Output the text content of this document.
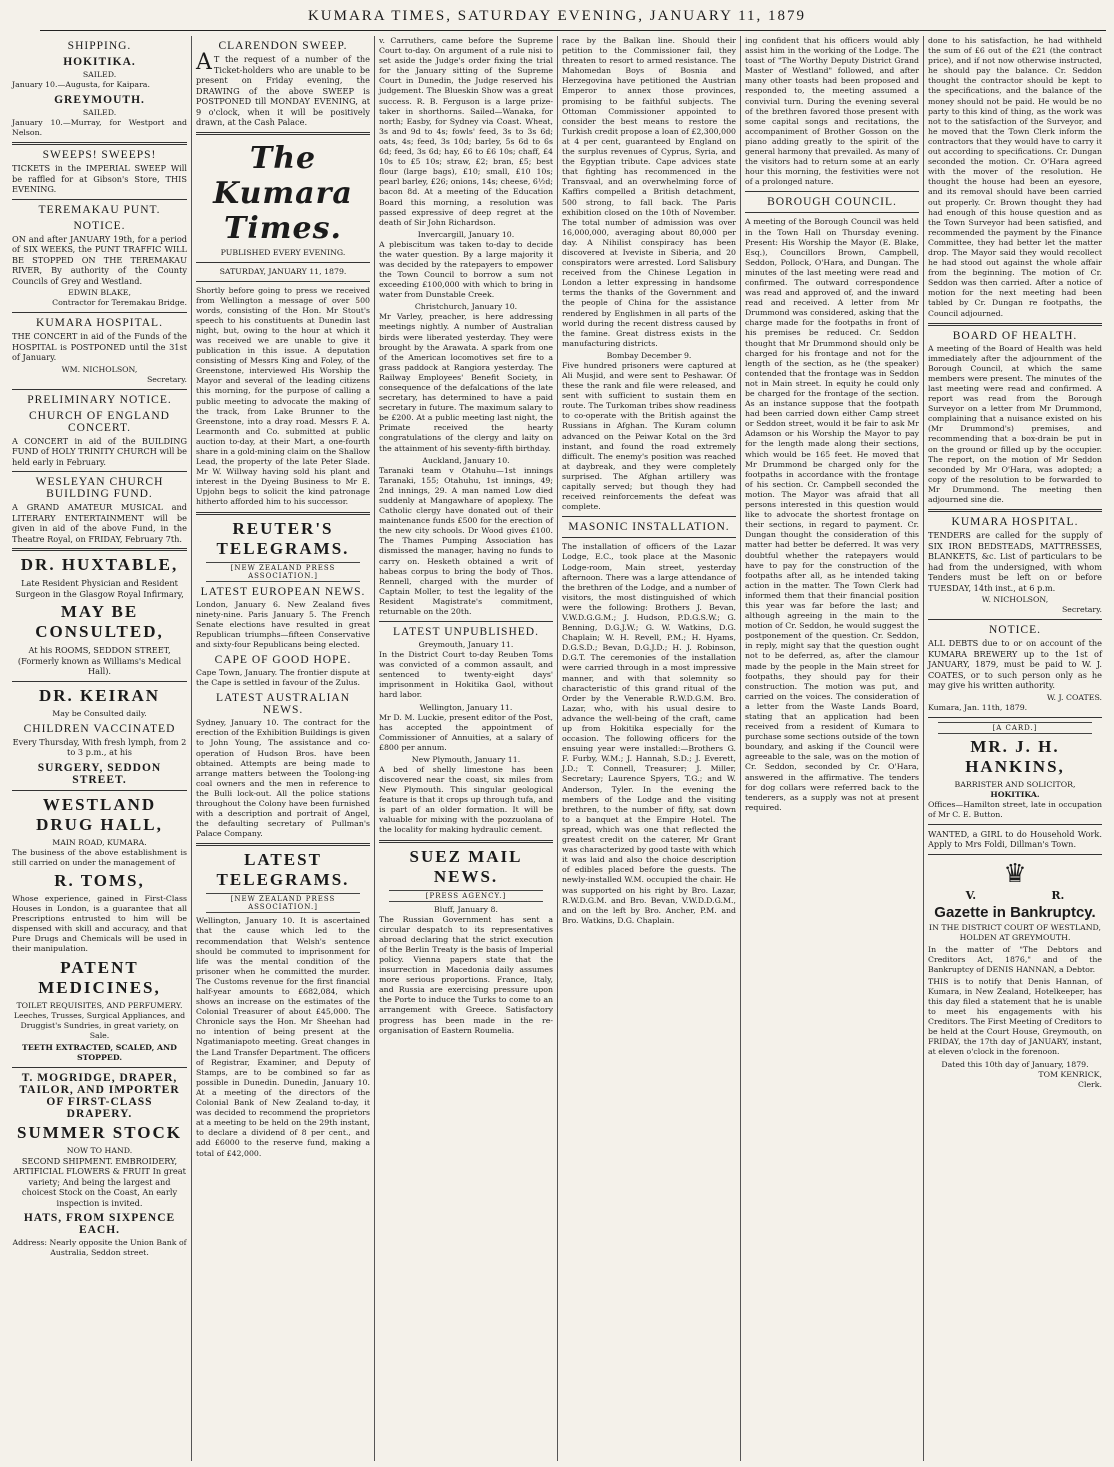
KUMARA TIMES, SATURDAY EVENING, JANUARY 11, 1879
SHIPPING.
HOKITIKA.
SAILED.

January 10.—Augusta, for Kaipara.

GREYMOUTH.
SAILED.

January 10.—Murray, for Westport and Nelson.

SWEEPS! SWEEPS!

TICKETS in the IMPERIAL SWEEP Will be raffled for at Gibson's Store, THIS EVENING.

TEREMAKAU PUNT.
NOTICE.

ON and after JANUARY 19th, for a period of SIX WEEKS, the PUNT TRAFFIC WILL BE STOPPED ON THE TEREMAKAU RIVER, By authority of the County Councils of Grey and Westland.

EDWIN BLAKE,
Contractor for Teremakau Bridge.
KUMARA HOSPITAL.

THE CONCERT in aid of the Funds of the HOSPITAL is POSTPONED until the 31st of January.

WM. NICHOLSON,
Secretary.
PRELIMINARY NOTICE.
CHURCH OF ENGLAND CONCERT.

A CONCERT in aid of the BUILDING FUND of HOLY TRINITY CHURCH will be held early in February.

WESLEYAN CHURCH BUILDING FUND.

A GRAND AMATEUR MUSICAL and LITERARY ENTERTAINMENT will be given in aid of the above Fund, in the Theatre Royal, on FRIDAY, February 7th.

DR. HUXTABLE,

Late Resident Physician and Resident Surgeon in the Glasgow Royal Infirmary,

MAY BE CONSULTED,

At his ROOMS, SEDDON STREET, (Formerly known as Williams's Medical Hall).

DR. KEIRAN
May be Consulted daily.
CHILDREN VACCINATED

Every Thursday, With fresh lymph, from 2 to 3 p.m., at his

SURGERY, SEDDON STREET.
WESTLAND DRUG HALL,
MAIN ROAD, KUMARA.

The business of the above establishment is still carried on under the management of

R. TOMS,

Whose experience, gained in First-Class Houses in London, is a guarantee that all Prescriptions entrusted to him will be dispensed with skill and accuracy, and that Pure Drugs and Chemicals will be used in their manipulation.

PATENT MEDICINES,
TOILET REQUISITES, AND PERFUMERY.

Leeches, Trusses, Surgical Appliances, and Druggist's Sundries, in great variety, on Sale.

TEETH EXTRACTED, SCALED, AND STOPPED.
T. MOGRIDGE, DRAPER, TAILOR, AND IMPORTER OF FIRST-CLASS DRAPERY.
SUMMER STOCK
NOW TO HAND.

SECOND SHIPMENT. EMBROIDERY, ARTIFICIAL FLOWERS & FRUIT In great variety; And being the largest and choicest Stock on the Coast, An early inspection is invited.

HATS, FROM SIXPENCE EACH.

Address: Nearly opposite the Union Bank of Australia, Seddon street.

CLARENDON SWEEP.

AT the request of a number of the Ticket-holders who are unable to be present on Friday evening, the DRAWING of the above SWEEP is POSTPONED till MONDAY EVENING, at 9 o'clock, when it will be positively drawn, at the Cash Palace.

The Kumara Times.
PUBLISHED EVERY EVENING.
SATURDAY, JANUARY 11, 1879.

Shortly before going to press we received from Wellington a message of over 500 words, consisting of the Hon. Mr Stout's speech to his constituents at Dunedin last night, but, owing to the hour at which it was received we are unable to give it publication in this issue. A deputation consisting of Messrs King and Foley, of the Greenstone, interviewed His Worship the Mayor and several of the leading citizens this morning, for the purpose of calling a public meeting to advocate the making of the track, from Lake Brunner to the Greenstone, into a dray road. Messrs F. A. Learmonth and Co. submitted at public auction to-day, at their Mart, a one-fourth share in a gold-mining claim on the Shallow Lead, the property of the late Peter Slade. Mr W. Willway having sold his plant and interest in the Dyeing Business to Mr E. Upjohn begs to solicit the kind patronage hitherto afforded him to his successor.

REUTER'S TELEGRAMS.
[NEW ZEALAND PRESS ASSOCIATION.]
LATEST EUROPEAN NEWS.

London, January 6. New Zealand fives ninety-nine. Paris January 5. The French Senate elections have resulted in great Republican triumphs—fifteen Conservative and sixty-four Republicans being elected.

CAPE OF GOOD HOPE.

Cape Town, January. The frontier dispute at the Cape is settled in favour of the Zulus.

LATEST AUSTRALIAN NEWS.

Sydney, January 10. The contract for the erection of the Exhibition Buildings is given to John Young, The assistance and co-operation of Hudson Bros. have been obtained. Attempts are being made to arrange matters between the Toolong-ing coal owners and the men in reference to the Bulli lock-out. All the police stations throughout the Colony have been furnished with a description and portrait of Angel, the defaulting secretary of Pullman's Palace Company.

LATEST TELEGRAMS.
[NEW ZEALAND PRESS ASSOCIATION.]

Wellington, January 10. It is ascertained that the cause which led to the recommendation that Welsh's sentence should be commuted to imprisonment for life was the mental condition of the prisoner when he committed the murder. The Customs revenue for the first financial half-year amounts to £682,084, which shows an increase on the estimates of the Colonial Treasurer of about £45,000. The Chronicle says the Hon. Mr Sheehan had no intention of being present at the Ngatimaniapoto meeting. Great changes in the Land Transfer Department. The officers of Registrar, Examiner, and Deputy of Stamps, are to be combined so far as possible in Dunedin. Dunedin, January 10. At a meeting of the directors of the Colonial Bank of New Zealand to-day, it was decided to recommend the proprietors at a meeting to be held on the 29th instant, to declare a dividend of 8 per cent., and add £6000 to the reserve fund, making a total of £42,000.

v. Carruthers, came before the Supreme Court to-day. On argument of a rule nisi to set aside the Judge's order fixing the trial for the January sitting of the Supreme Court in Dunedin, the Judge reserved his judgement. The Blueskin Show was a great success. R. B. Ferguson is a large prize-taker in shorthorns. Sailed—Wanaka, for north; Easby, for Sydney via Coast. Wheat, 3s and 9d to 4s; fowls' feed, 3s to 3s 6d; oats, 4s; feed, 3s 10d; barley, 5s 6d to 6s 6d; feed, 3s 6d; hay, £6 to £6 10s; chaff, £4 10s to £5 10s; straw, £2; bran, £5; best flour (large bags), £10; small, £10 10s; pearl barley, £26; onions, 14s; cheese, 6½d; bacon 8d. At a meeting of the Education Board this morning, a resolution was passed expressive of deep regret at the death of Sir John Richardson.

Invercargill, January 10.

A plebiscitum was taken to-day to decide the water question. By a large majority it was decided by the ratepayers to empower the Town Council to borrow a sum not exceeding £100,000 with which to bring in water from Dunstable Creek.

Christchurch, January 10.

Mr Varley, preacher, is here addressing meetings nightly. A number of Australian birds were liberated yesterday. They were brought by the Arawata. A spark from one of the American locomotives set fire to a grass paddock at Rangiora yesterday. The Railway Employees' Benefit Society, in consequence of the defalcations of the late secretary, has determined to have a paid secretary in future. The maximum salary to be £200. At a public meeting last night, the Primate received the hearty congratulations of the clergy and laity on the attainment of his seventy-fifth birthday.

Auckland, January 10.

Taranaki team v Otahuhu—1st innings Taranaki, 155; Otahuhu, 1st innings, 49; 2nd innings, 29. A man named Low died suddenly at Mangawhare of apoplexy. The Catholic clergy have donated out of their maintenance funds £500 for the erection of the new city schools. Dr Wood gives £100. The Thames Pumping Association has dismissed the manager, having no funds to carry on. Hesketh obtained a writ of habeas corpus to bring the body of Thos. Rennell, charged with the murder of Captain Moller, to test the legality of the Resident Magistrate's commitment, returnable on the 20th.

LATEST UNPUBLISHED.
Greymouth, January 11.

In the District Court to-day Reuben Toms was convicted of a common assault, and sentenced to twenty-eight days' imprisonment in Hokitika Gaol, without hard labor.

Wellington, January 11.

Mr D. M. Luckie, present editor of the Post, has accepted the appointment of Commissioner of Annuities, at a salary of £800 per annum.

New Plymouth, January 11.

A bed of shelly limestone has been discovered near the coast, six miles from New Plymouth. This singular geological feature is that it crops up through tufa, and is part of an older formation. It will be valuable for mixing with the pozzuolana of the locality for making hydraulic cement.

SUEZ MAIL NEWS.
[PRESS AGENCY.]
Bluff, January 8.

The Russian Government has sent a circular despatch to its representatives abroad declaring that the strict execution of the Berlin Treaty is the basis of Imperial policy. Vienna papers state that the insurrection in Macedonia daily assumes more serious proportions. France, Italy, and Russia are exercising pressure upon the Porte to induce the Turks to come to an arrangement with Greece. Satisfactory progress has been made in the re-organisation of Eastern Roumelia.

race by the Balkan line. Should their petition to the Commissioner fail, they threaten to resort to armed resistance. The Mahomedan Boys of Bosnia and Herzegovina have petitioned the Austrian Emperor to annex those provinces, promising to be faithful subjects. The Ottoman Commissioner appointed to consider the best means to restore the Turkish credit propose a loan of £2,300,000 at 4 per cent, guaranteed by England on the surplus revenues of Cyprus, Syria, and the Egyptian tribute. Cape advices state that fighting has recommenced in the Transvaal, and an overwhelming force of Kaffirs compelled a British detachment, 500 strong, to fall back. The Paris exhibition closed on the 10th of November. The total number of admission was over 16,000,000, averaging about 80,000 per day. A Nihilist conspiracy has been discovered at Iveviste in Siberia, and 20 conspirators were arrested. Lord Salisbury received from the Chinese Legation in London a letter expressing in handsome terms the thanks of the Government and the people of China for the assistance rendered by Englishmen in all parts of the world during the recent distress caused by the famine. Great distress exists in the manufacturing districts.

Bombay December 9.

Five hundred prisoners were captured at Ali Musjid, and were sent to Peshawar. Of these the rank and file were released, and sent with sufficient to sustain them en route. The Turkoman tribes show readiness to co-operate with the British against the Russians in Afghan. The Kuram column advanced on the Peiwar Kotal on the 3rd instant, and found the road extremely difficult. The enemy's position was reached at daybreak, and they were completely surprised. The Afghan artillery was capitally served; but though they had received reinforcements the defeat was complete.

MASONIC INSTALLATION.

The installation of officers of the Lazar Lodge, E.C., took place at the Masonic Lodge-room, Main street, yesterday afternoon. There was a large attendance of the brethren of the Lodge, and a number of visitors, the most distinguished of which were the following: Brothers J. Bevan, V.W.D.G.G.M.; J. Hudson, P.D.G.S.W.; G. Benning, D.G.J.W.; G. W. Watkins, D.G. Chaplain; W. H. Revell, P.M.; H. Hyams, D.G.S.D.; Bevan, D.G.J.D.; H. J. Robinson, D.G.T. The ceremonies of the installation were carried through in a most impressive manner, and with that solemnity so characteristic of this grand ritual of the Order by the Venerable R.W.D.G.M. Bro. Lazar, who, with his usual desire to advance the well-being of the craft, came up from Hokitika especially for the occasion. The following officers for the ensuing year were installed:—Brothers G. F. Furby, W.M.; J. Hannah, S.D.; J. Everett, J.D.; T. Connell, Treasurer; J. Miller, Secretary; Laurence Spyers, T.G.; and W. Anderson, Tyler. In the evening the members of the Lodge and the visiting brethren, to the number of fifty, sat down to a banquet at the Empire Hotel. The spread, which was one that reflected the greatest credit on the caterer, Mr Grant was characterized by good taste with which it was laid and also the choice description of edibles placed before the guests. The newly-installed W.M. occupied the chair. He was supported on his right by Bro. Lazar, R.W.D.G.M. and Bro. Bevan, V.W.D.D.G.M., and on the left by Bro. Ancher, P.M. and Bro. Watkins, D.G. Chaplain.

ing confident that his officers would ably assist him in the working of the Lodge. The toast of "The Worthy Deputy District Grand Master of Westland" followed, and after many other toasts had been proposed and responded to, the meeting assumed a convivial turn. During the evening several of the brethren favored those present with some capital songs and recitations, the accompaniment of Brother Gosson on the piano adding greatly to the spirit of the general harmony that prevailed. As many of the visitors had to return some at an early hour this morning, the festivities were not of a prolonged nature.

BOROUGH COUNCIL.

A meeting of the Borough Council was held in the Town Hall on Thursday evening. Present: His Worship the Mayor (E. Blake, Esq.), Councillors Brown, Campbell, Seddon, Pollock, O'Hara, and Dungan. The minutes of the last meeting were read and confirmed. The outward correspondence was read and approved of, and the inward read and received. A letter from Mr Drummond was considered, asking that the charge made for the footpaths in front of his premises be reduced. Cr. Seddon thought that Mr Drummond should only be charged for his frontage and not for the length of the section, as he (the speaker) contended that the frontage was in Seddon not in Main street. In equity he could only be charged for the frontage of the section. As an instance suppose that the footpath had been carried down either Camp street or Seddon street, would it be fair to ask Mr Adamson or his Worship the Mayor to pay for the length made along their sections, which would be 165 feet. He moved that Mr Drummond be charged only for the footpaths in accordance with the frontage of his section. Cr. Campbell seconded the motion. The Mayor was afraid that all persons interested in this question would like to advocate the shortest frontage on their sections, in regard to payment. Cr. Dungan thought the consideration of this matter had better be deferred. It was very doubtful whether the ratepayers would have to pay for the construction of the footpaths after all, as he intended taking action in the matter. The Town Clerk had informed them that their financial position this year was far before the last; and although agreeing in the main to the motion of Cr. Seddon, he would suggest the postponement of the question. Cr. Seddon, in reply, might say that the question ought not to be deferred, as, after the clamour made by the people in the Main street for footpaths, they should pay for their construction. The motion was put, and carried on the voices. The consideration of a letter from the Waste Lands Board, stating that an application had been received from a resident of Kumara to purchase some sections outside of the town boundary, and asking if the Council were agreeable to the sale, was on the motion of Cr. Seddon, seconded by Cr. O'Hara, answered in the affirmative. The tenders for dog collars were referred back to the tenderers, as a supply was not at present required.

done to his satisfaction, he had withheld the sum of £6 out of the £21 (the contract price), and if not now otherwise instructed, he should pay the balance. Cr. Seddon thought the contractor should be kept to the specifications, and the balance of the money should not be paid. He would be no party to this kind of thing, as the work was not to the satisfaction of the Surveyor, and he moved that the Town Clerk inform the contractors that they would have to carry it out according to specifications. Cr. Dungan seconded the motion. Cr. O'Hara agreed with the mover of the resolution. He thought the house had been an eyesore, and its removal should have been carried out properly. Cr. Brown thought they had had enough of this house question and as the Town Surveyor had been satisfied, and recommended the payment by the Finance Committee, they had better let the matter drop. The Mayor said they would recollect he had stood out against the whole affair from the beginning. The motion of Cr. Seddon was then carried. After a notice of motion for the next meeting had been tabled by Cr. Dungan re footpaths, the Council adjourned.

BOARD OF HEALTH.

A meeting of the Board of Health was held immediately after the adjournment of the Borough Council, at which the same members were present. The minutes of the last meeting were read and confirmed. A report was read from the Borough Surveyor on a letter from Mr Drummond, complaining that a nuisance existed on his (Mr Drummond's) premises, and recommending that a box-drain be put in on the ground or filled up by the occupier. The report, on the motion of Mr Seddon seconded by Mr O'Hara, was adopted; a copy of the resolution to be forwarded to Mr Drummond. The meeting then adjourned sine die.

KUMARA HOSPITAL.

TENDERS are called for the supply of SIX IRON BEDSTEADS, MATTRESSES, BLANKETS, &c. List of particulars to be had from the undersigned, with whom Tenders must be left on or before TUESDAY, 14th inst., at 6 p.m.

W. NICHOLSON,
Secretary.
NOTICE.

ALL DEBTS due to or on account of the KUMARA BREWERY up to the 1st of JANUARY, 1879, must be paid to W. J. COATES, or to such person only as he may give his written authority.

W. J. COATES.
Kumara, Jan. 11th, 1879.
[A CARD.]
MR. J. H. HANKINS,
BARRISTER AND SOLICITOR,
HOKITIKA.

Offices—Hamilton street, late in occupation of Mr C. E. Button.

WANTED, a GIRL to do Household Work. Apply to Mrs Foldi, Dillman's Town.

♛
V.	R.
Gazette in Bankruptcy.

IN THE DISTRICT COURT OF WESTLAND, HOLDEN AT GREYMOUTH.

In the matter of "The Debtors and Creditors Act, 1876," and of the Bankruptcy of DENIS HANNAN, a Debtor.

THIS is to notify that Denis Hannan, of Kumara, in New Zealand, Hotelkeeper, has this day filed a statement that he is unable to meet his engagements with his Creditors. The First Meeting of Creditors to be held at the Court House, Greymouth, on FRIDAY, the 17th day of JANUARY, instant, at eleven o'clock in the forenoon.

Dated this 10th day of January, 1879.
TOM KENRICK,
Clerk.
